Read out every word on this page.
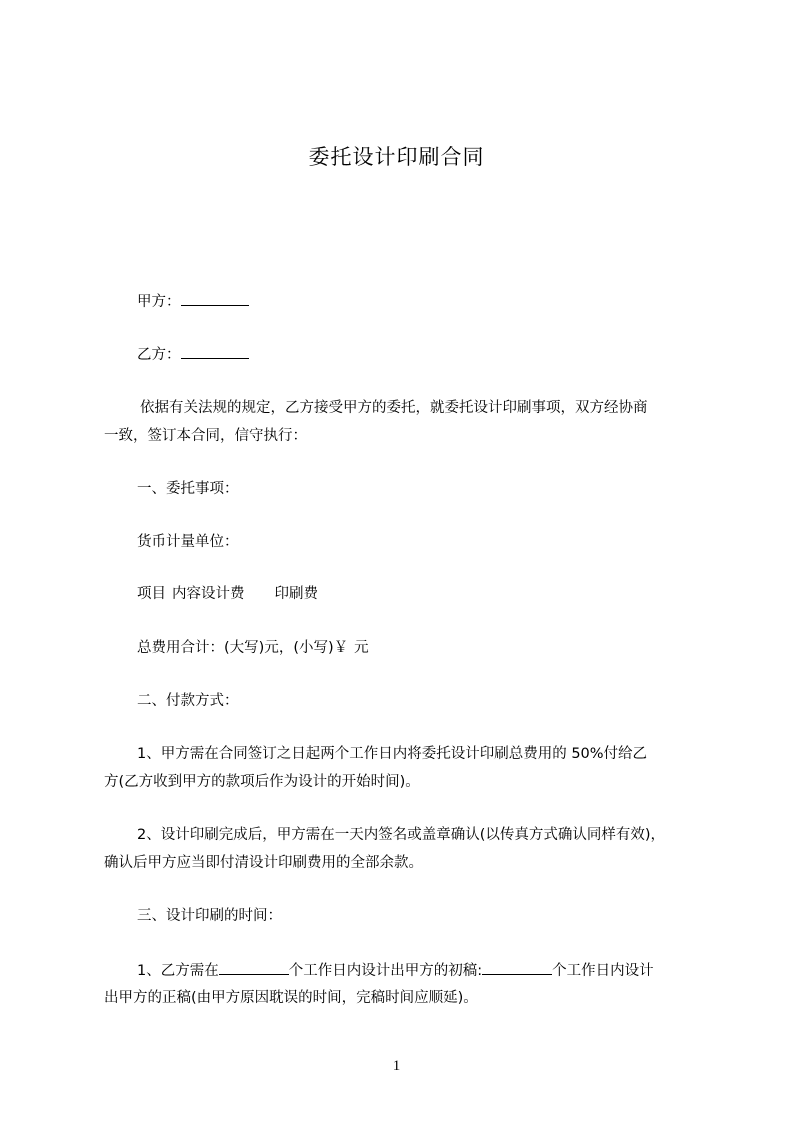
委托设计印刷合同
甲方：
乙方：
依据有关法规的规定，乙方接受甲方的委托，就委托设计印刷事项，双方经协商
一致，签订本合同，信守执行：
一、委托事项：
货币计量单位：
项目 内容设计费 印刷费
总费用合计：(大写)元，(小写)￥ 元
二、付款方式：
1、甲方需在合同签订之日起两个工作日内将委托设计印刷总费用的 50%付给乙
方(乙方收到甲方的款项后作为设计的开始时间)。
2、设计印刷完成后，甲方需在一天内签名或盖章确认(以传真方式确认同样有效)，
确认后甲方应当即付清设计印刷费用的全部余款。
三、设计印刷的时间：
1、乙方需在	个工作日内设计出甲方的初稿:	个工作日内设计
出甲方的正稿(由甲方原因耽误的时间，完稿时间应顺延)。
1
